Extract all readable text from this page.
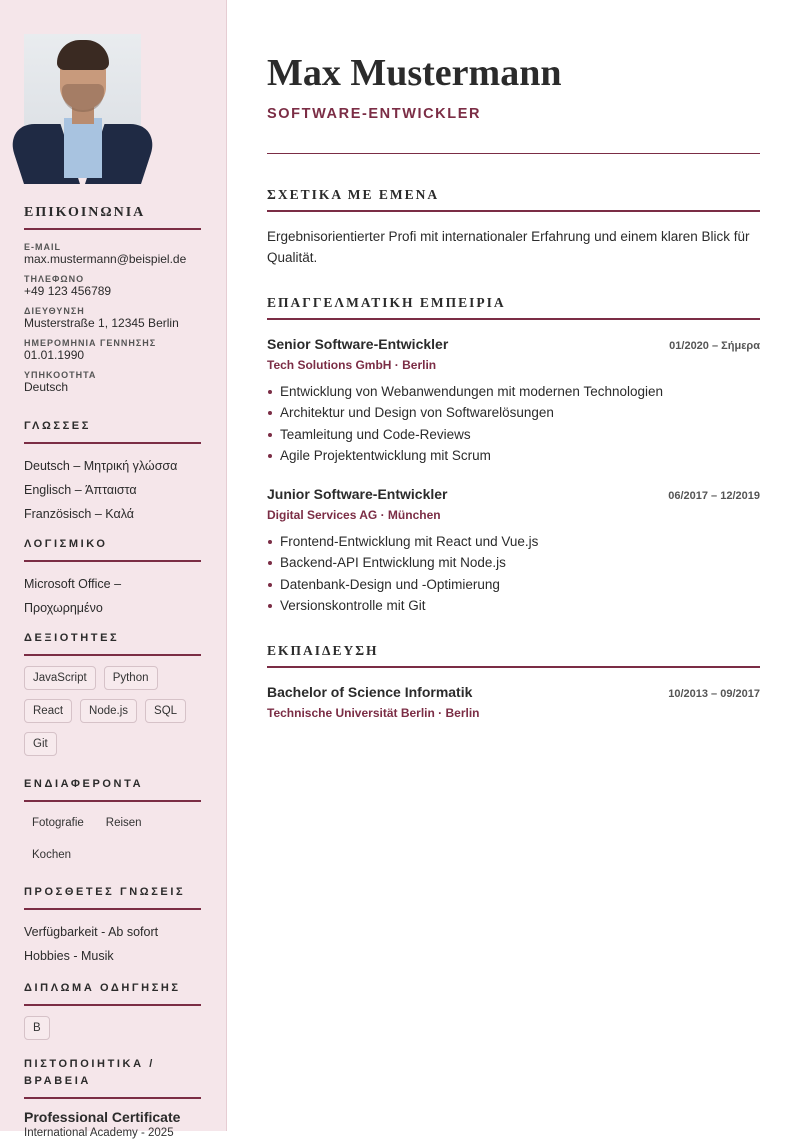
ΕΠΙΚΟΙΝΩΝΙΑ
E-MAIL
max.mustermann@beispiel.de
ΤΗΛΕΦΩΝΟ
+49 123 456789
ΔΙΕΥΘΥΝΣΗ
Musterstraße 1, 12345 Berlin
ΗΜΕΡΟΜΗΝΙΑ ΓΕΝΝΗΣΗΣ
01.01.1990
ΥΠΗΚΟΟΤΗΤΑ
Deutsch
ΓΛΩΣΣΕΣ
Deutsch – Μητρική γλώσσα
Englisch – Άπταιστα
Französisch – Καλά
ΛΟΓΙΣΜΙΚΟ
Microsoft Office – Προχωρημένο
ΔΕΞΙΟΤΗΤΕΣ
JavaScript	Python
React	Node.js	SQL
Git
ΕΝΔΙΑΦΕΡΟΝΤΑ
Fotografie	Reisen
Kochen
ΠΡΟΣΘΕΤΕΣ ΓΝΩΣΕΙΣ
Verfügbarkeit - Ab sofort
Hobbies - Musik
ΔΙΠΛΩΜΑ ΟΔΗΓΗΣΗΣ
B
ΠΙΣΤΟΠΟΙΗΤΙΚΑ / ΒΡΑΒΕΙΑ
Professional Certificate
International Academy - 2025
Max Mustermann
SOFTWARE-ENTWICKLER
ΣΧΕΤΙΚΑ ΜΕ ΕΜΕΝΑ

Ergebnisorientierter Profi mit internationaler Erfahrung und einem klaren Blick für Qualität.

ΕΠΑΓΓΕΛΜΑΤΙΚΗ ΕΜΠΕΙΡΙΑ
Senior Software-Entwickler	01/2020 – Σήμερα
Tech Solutions GmbH · Berlin
Entwicklung von Webanwendungen mit modernen Technologien
Architektur und Design von Softwarelösungen
Teamleitung und Code-Reviews
Agile Projektentwicklung mit Scrum
Junior Software-Entwickler	06/2017 – 12/2019
Digital Services AG · München
Frontend-Entwicklung mit React und Vue.js
Backend-API Entwicklung mit Node.js
Datenbank-Design und -Optimierung
Versionskontrolle mit Git
ΕΚΠΑΙΔΕΥΣΗ
Bachelor of Science Informatik	10/2013 – 09/2017
Technische Universität Berlin · Berlin
